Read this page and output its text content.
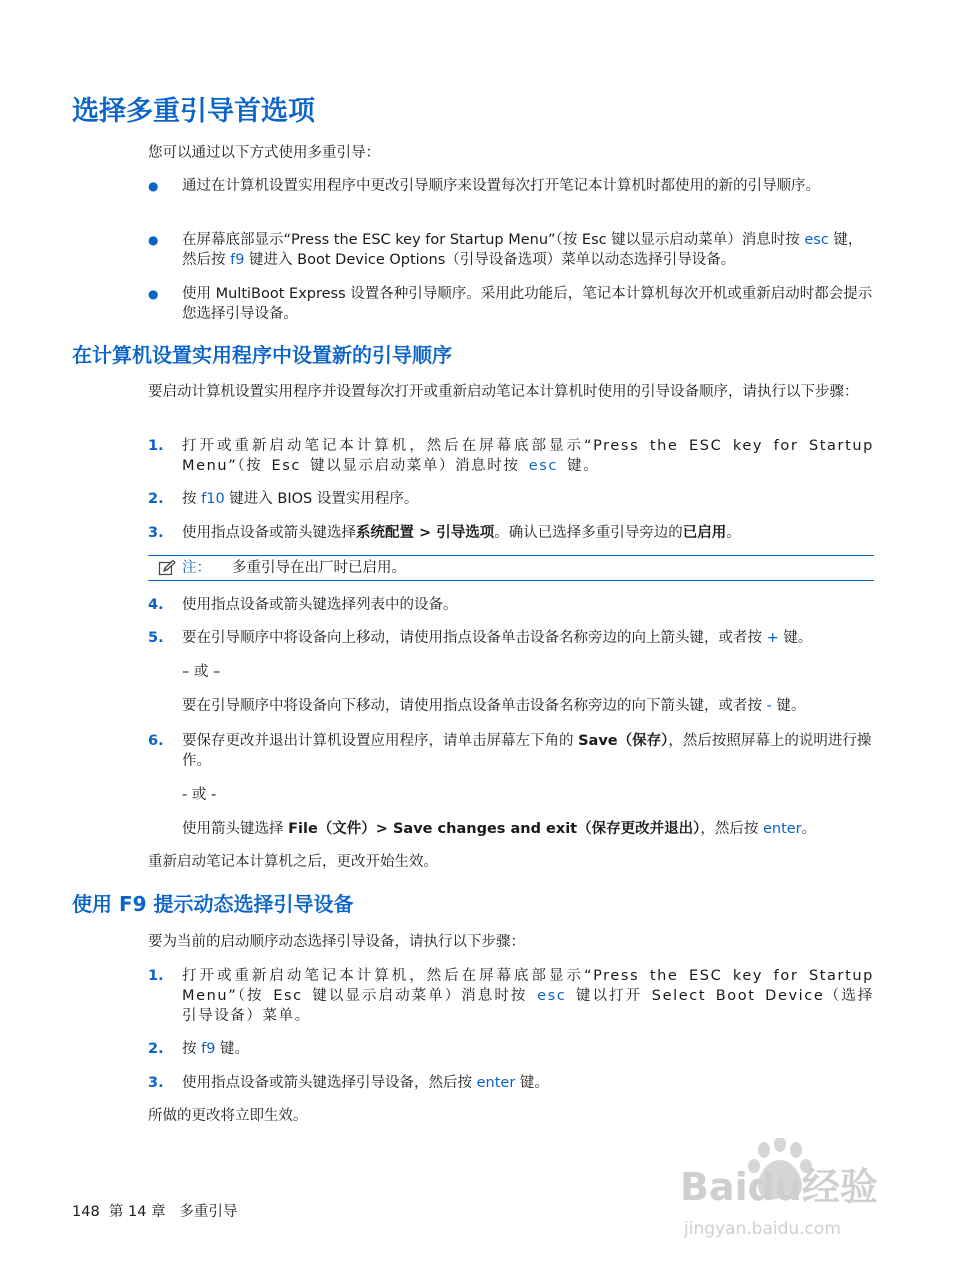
选择多重引导首选项

您可以通过以下方式使用多重引导：

● 通过在计算机设置实用程序中更改引导顺序来设置每次打开笔记本计算机时都使用的新的引导顺序。

● 在屏幕底部显示“Press the ESC key for Startup Menu”（按 Esc 键以显示启动菜单）消息时按 esc 键，然后按 f9 键进入 Boot Device Options（引导设备选项）菜单以动态选择引导设备。

● 使用 MultiBoot Express 设置各种引导顺序。采用此功能后，笔记本计算机每次开机或重新启动时都会提示您选择引导设备。

在计算机设置实用程序中设置新的引导顺序

要启动计算机设置实用程序并设置每次打开或重新启动笔记本计算机时使用的引导设备顺序，请执行以下步骤：

1. 打开或重新启动笔记本计算机，然后在屏幕底部显示“Press the ESC key for Startup Menu”（按 Esc 键以显示启动菜单）消息时按 esc 键。

2. 按 f10 键进入 BIOS 设置实用程序。

3. 使用指点设备或箭头键选择系统配置 > 引导选项。确认已选择多重引导旁边的已启用。

注： 多重引导在出厂时已启用。
4. 使用指点设备或箭头键选择列表中的设备。

5. 要在引导顺序中将设备向上移动，请使用指点设备单击设备名称旁边的向上箭头键，或者按 + 键。

– 或 –

要在引导顺序中将设备向下移动，请使用指点设备单击设备名称旁边的向下箭头键，或者按 - 键。

6. 要保存更改并退出计算机设置应用程序，请单击屏幕左下角的 Save（保存），然后按照屏幕上的说明进行操作。

- 或 -

使用箭头键选择 File（文件）> Save changes and exit（保存更改并退出），然后按 enter。

重新启动笔记本计算机之后，更改开始生效。

使用 F9 提示动态选择引导设备

要为当前的启动顺序动态选择引导设备，请执行以下步骤：

1. 打开或重新启动笔记本计算机，然后在屏幕底部显示“Press the ESC key for Startup Menu”（按 Esc 键以显示启动菜单）消息时按 esc 键以打开 Select Boot Device（选择引导设备）菜单。

2. 按 f9 键。

3. 使用指点设备或箭头键选择引导设备，然后按 enter 键。

所做的更改将立即生效。

148 第 14 章 多重引导
Baidu经验
jingyan.baidu.com
